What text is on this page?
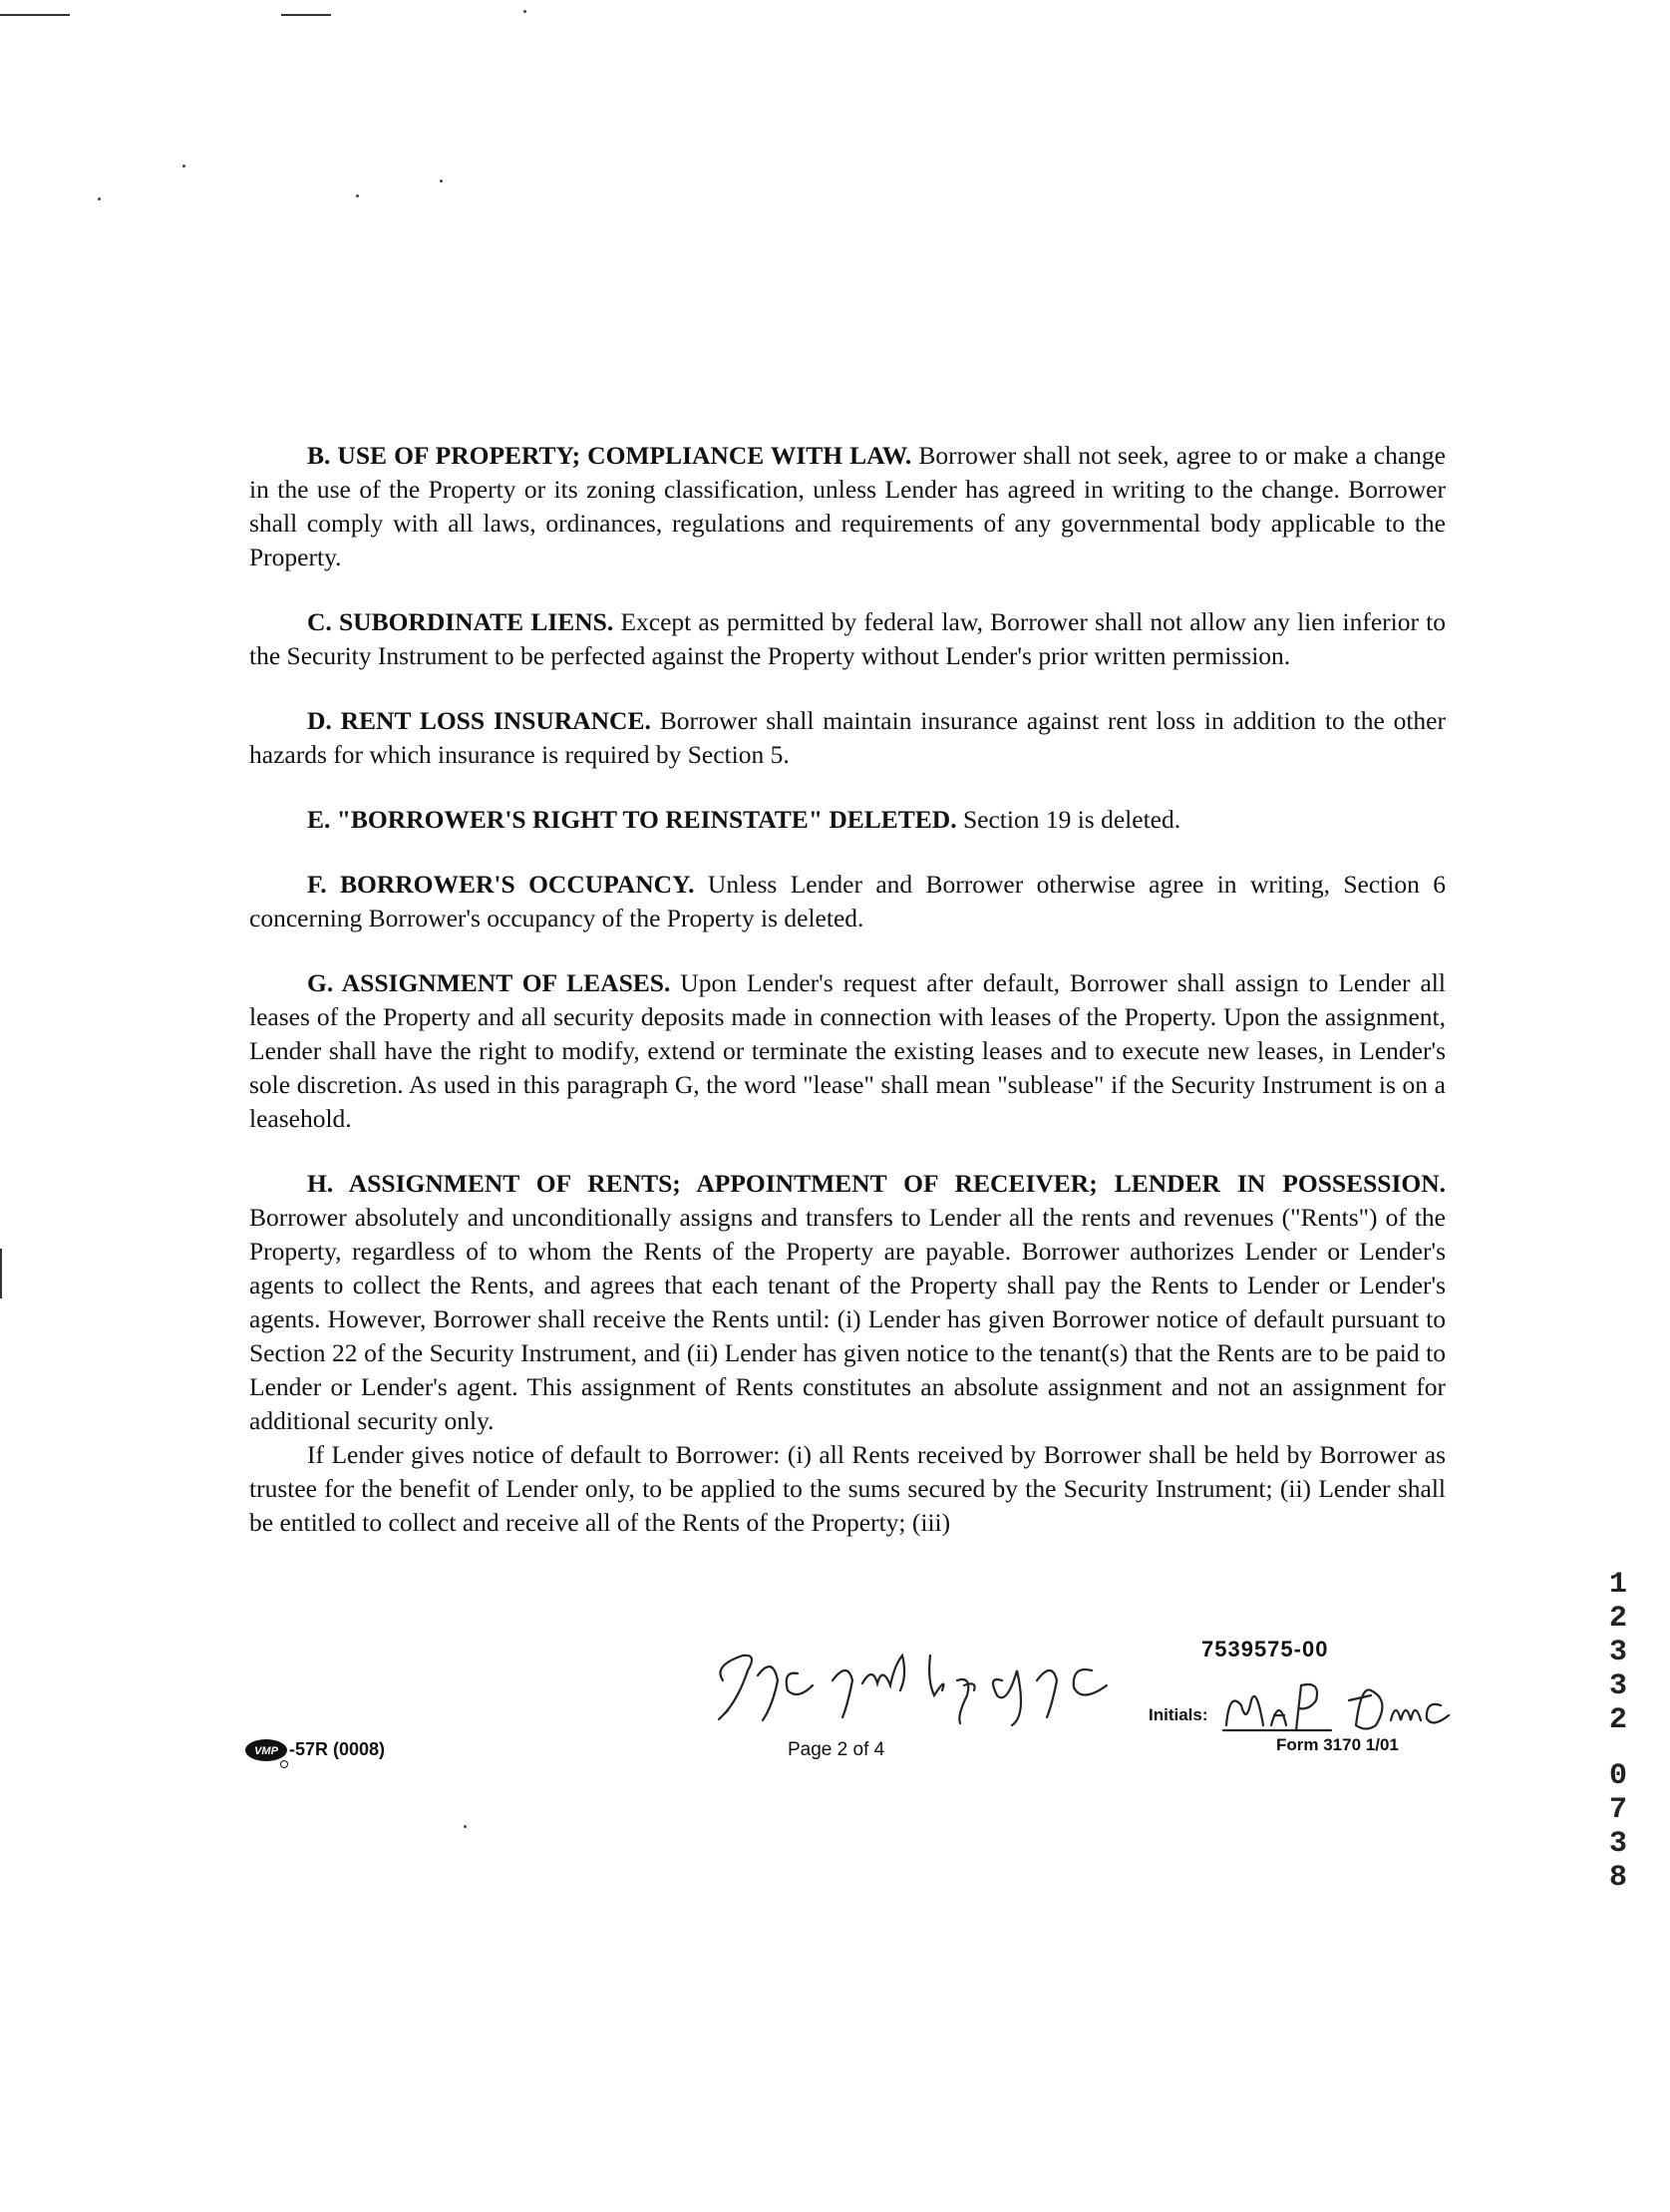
B. USE OF PROPERTY; COMPLIANCE WITH LAW. Borrower shall not seek, agree to or make a change in the use of the Property or its zoning classification, unless Lender has agreed in writing to the change. Borrower shall comply with all laws, ordinances, regulations and requirements of any governmental body applicable to the Property.

C. SUBORDINATE LIENS. Except as permitted by federal law, Borrower shall not allow any lien inferior to the Security Instrument to be perfected against the Property without Lender's prior written permission.

D. RENT LOSS INSURANCE. Borrower shall maintain insurance against rent loss in addition to the other hazards for which insurance is required by Section 5.

E. "BORROWER'S RIGHT TO REINSTATE" DELETED. Section 19 is deleted.

F. BORROWER'S OCCUPANCY. Unless Lender and Borrower otherwise agree in writing, Section 6 concerning Borrower's occupancy of the Property is deleted.

G. ASSIGNMENT OF LEASES. Upon Lender's request after default, Borrower shall assign to Lender all leases of the Property and all security deposits made in connection with leases of the Property. Upon the assignment, Lender shall have the right to modify, extend or terminate the existing leases and to execute new leases, in Lender's sole discretion. As used in this paragraph G, the word "lease" shall mean "sublease" if the Security Instrument is on a leasehold.

H. ASSIGNMENT OF RENTS; APPOINTMENT OF RECEIVER; LENDER IN POSSESSION. Borrower absolutely and unconditionally assigns and transfers to Lender all the rents and revenues ("Rents") of the Property, regardless of to whom the Rents of the Property are payable. Borrower authorizes Lender or Lender's agents to collect the Rents, and agrees that each tenant of the Property shall pay the Rents to Lender or Lender's agents. However, Borrower shall receive the Rents until: (i) Lender has given Borrower notice of default pursuant to Section 22 of the Security Instrument, and (ii) Lender has given notice to the tenant(s) that the Rents are to be paid to Lender or Lender's agent. This assignment of Rents constitutes an absolute assignment and not an assignment for additional security only.

If Lender gives notice of default to Borrower: (i) all Rents received by Borrower shall be held by Borrower as trustee for the benefit of Lender only, to be applied to the sums secured by the Security Instrument; (ii) Lender shall be entitled to collect and receive all of the Rents of the Property; (iii)

7539575-00
Page 2 of 4
Initials:
Form 3170 1/01
VMP -57R (0008)
1
2
3
3
2
0
7
3
8
